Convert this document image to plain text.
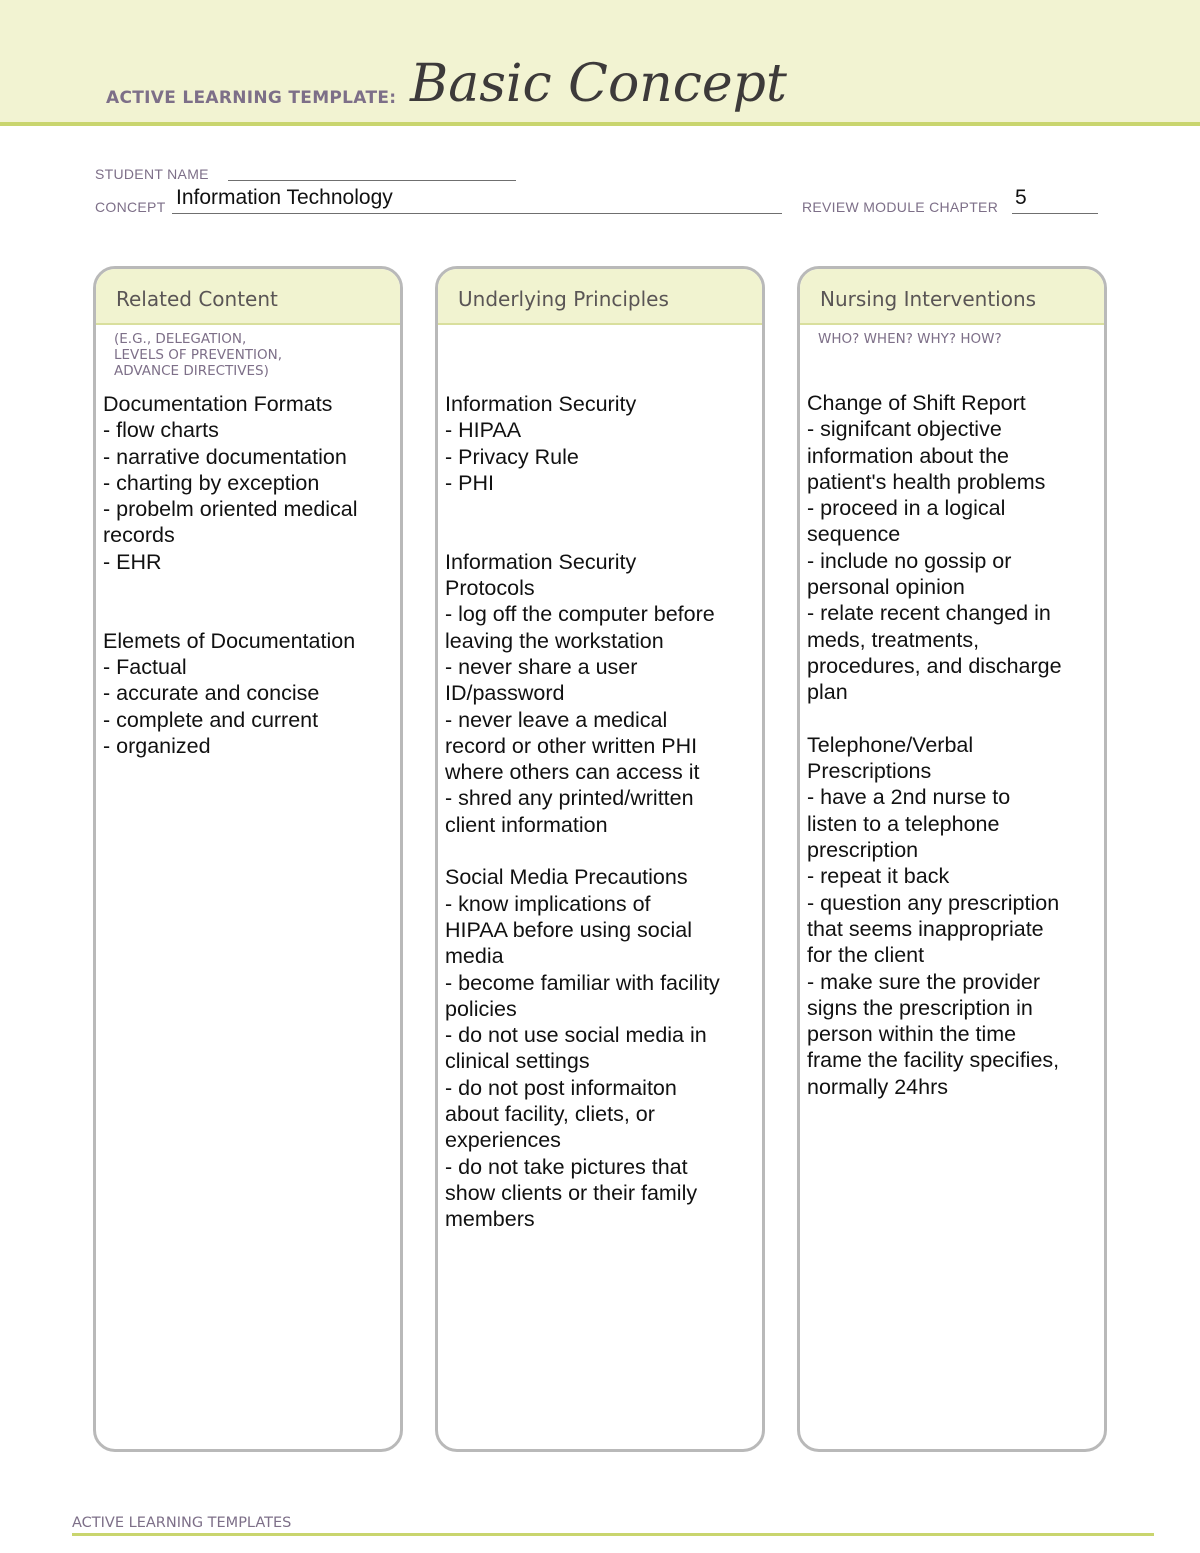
ACTIVE LEARNING TEMPLATE: Basic Concept
STUDENT NAME
CONCEPT Information Technology	REVIEW MODULE CHAPTER 5
Related Content
(E.G., DELEGATION,
LEVELS OF PREVENTION,
ADVANCE DIRECTIVES)
Documentation Formats
- flow charts
- narrative documentation
- charting by exception
- probelm oriented medical
records
- EHR
Elemets of Documentation
- Factual
- accurate and concise
- complete and current
- organized
Underlying Principles
Information Security
- HIPAA
- Privacy Rule
- PHI
Information Security
Protocols
- log off the computer before
leaving the workstation
- never share a user
ID/password
- never leave a medical
record or other written PHI
where others can access it
- shred any printed/written
client information
Social Media Precautions
- know implications of
HIPAA before using social
media
- become familiar with facility
policies
- do not use social media in
clinical settings
- do not post informaiton
about facility, cliets, or
experiences
- do not take pictures that
show clients or their family
members
Nursing Interventions
WHO? WHEN? WHY? HOW?
Change of Shift Report
- signifcant objective
information about the
patient's health problems
- proceed in a logical
sequence
- include no gossip or
personal opinion
- relate recent changed in
meds, treatments,
procedures, and discharge
plan
Telephone/Verbal
Prescriptions
- have a 2nd nurse to
listen to a telephone
prescription
- repeat it back
- question any prescription
that seems inappropriate
for the client
- make sure the provider
signs the prescription in
person within the time
frame the facility specifies,
normally 24hrs
ACTIVE LEARNING TEMPLATES
